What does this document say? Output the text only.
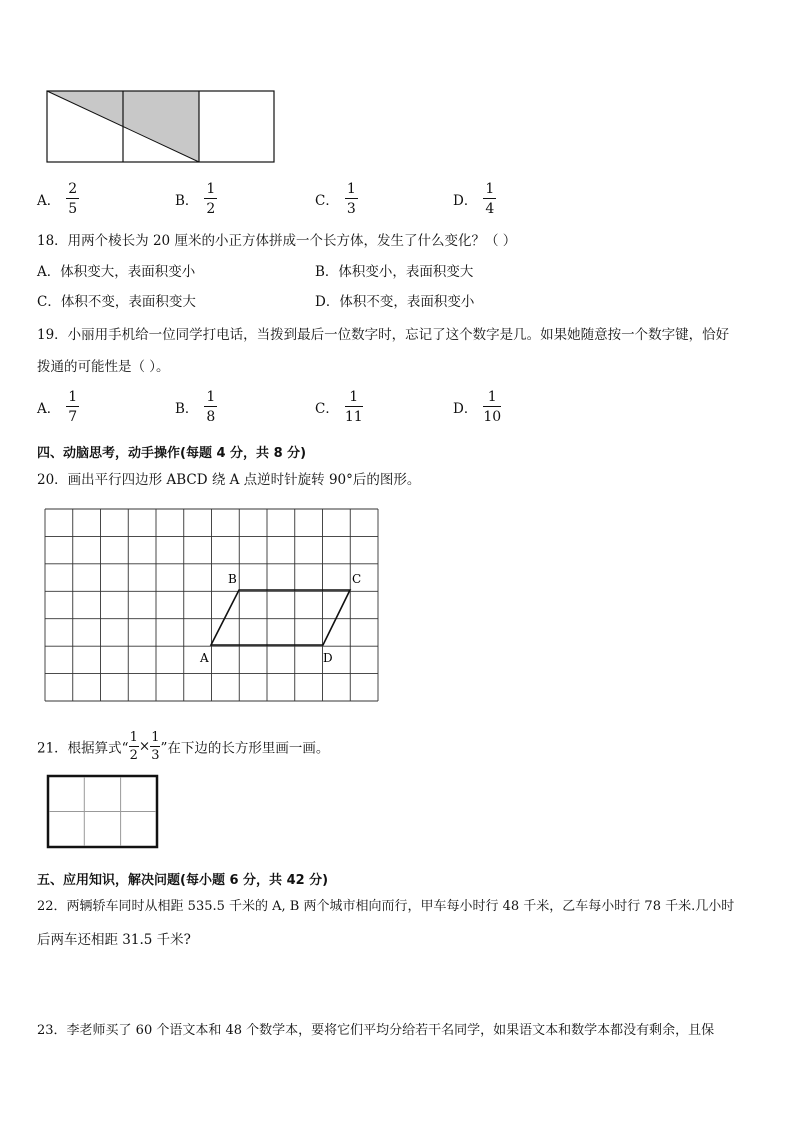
A． $\frac{2}{5}$	B． $\frac{1}{2}$	C． $\frac{1}{3}$	D． $\frac{1}{4}$
18．用两个棱长为 20 厘米的小正方体拼成一个长方体，发生了什么变化？（ ）
A．体积变大，表面积变小	B．体积变小，表面积变大
C．体积不变，表面积变大	D．体积不变，表面积变小
19．小丽用手机给一位同学打电话，当拨到最后一位数字时，忘记了这个数字是几。如果她随意按一个数字键，恰好
拨通的可能性是（ ）。
A． $\frac{1}{7}$	B． $\frac{1}{8}$	C． $\frac{1}{11}$	D． $\frac{1}{10}$
四、动脑思考，动手操作(每题 4 分，共 8 分)
20．画出平行四边形 ABCD 绕 A 点逆时针旋转 90°后的图形。
B	C
A	D
21．根据算式“ $\frac{1}{2} \times \frac{1}{3}$ ”在下边的长方形里画一画。
五、应用知识，解决问题(每小题 6 分，共 42 分)
22．两辆轿车同时从相距 535.5 千米的 A, B 两个城市相向而行，甲车每小时行 48 千米，乙车每小时行 78 千米.几小时
后两车还相距 31.5 千米?
23．李老师买了 60 个语文本和 48 个数学本，要将它们平均分给若干名同学，如果语文本和数学本都没有剩余，且保
